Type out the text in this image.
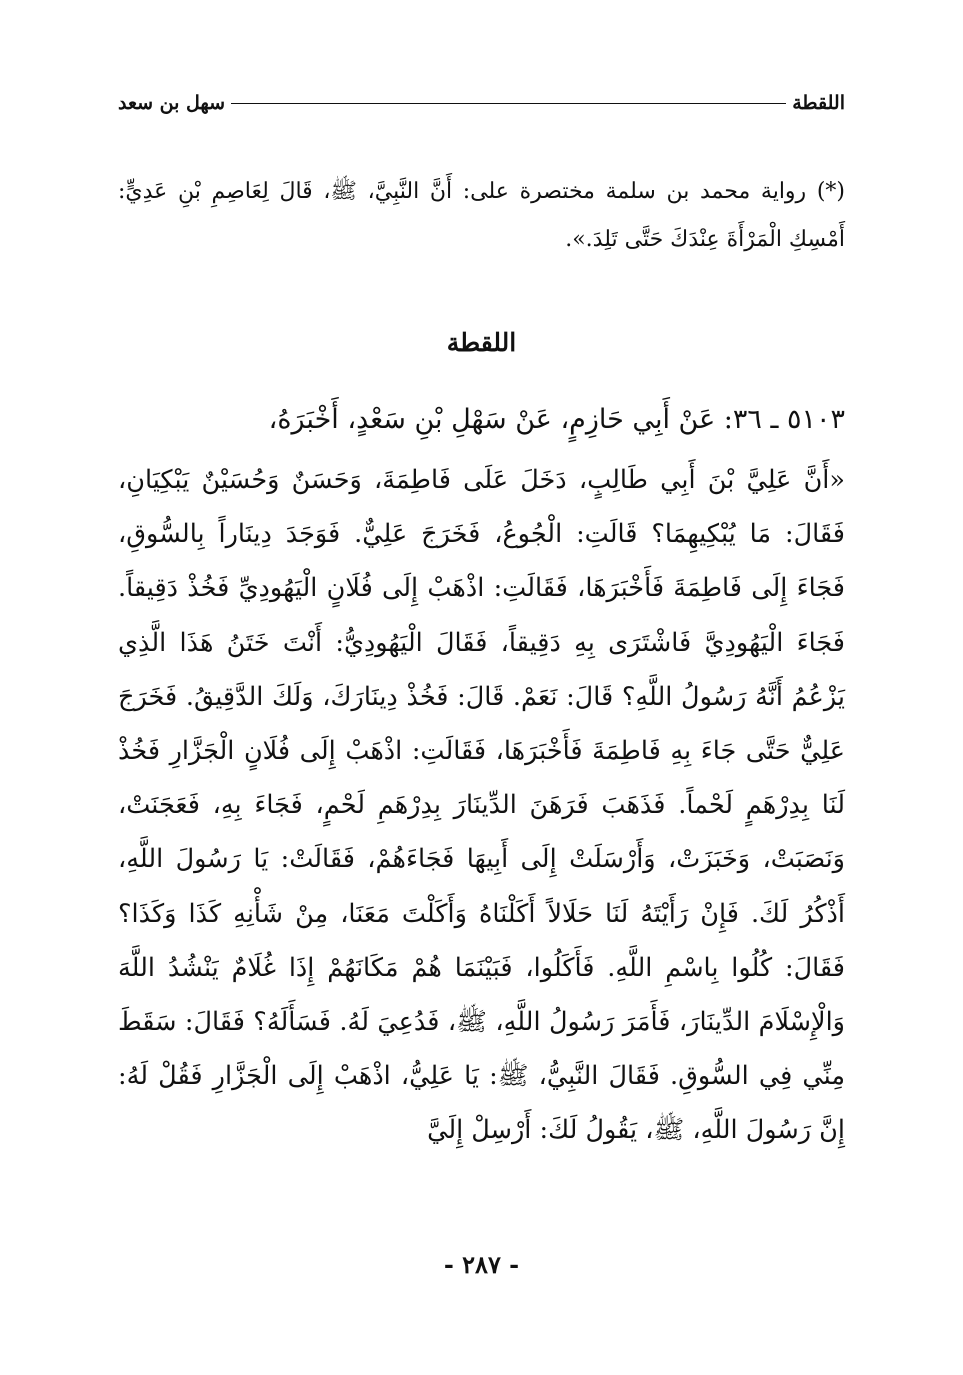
اللقطة
سهل بن سعد
(*) رواية محمد بن سلمة مختصرة على: أَنَّ النَّبِيَّ، ﷺ، قَالَ لِعَاصِمِ بْنِ عَدِيٍّ: أَمْسِكِ الْمَرْأَةَ عِنْدَكَ حَتَّى تَلِدَ.».
اللقطة
٥١٠٣ ـ ٣٦: عَنْ أَبِي حَازِمٍ، عَنْ سَهْلِ بْنِ سَعْدٍ، أَخْبَرَهُ،
«أَنَّ عَلِيَّ بْنَ أَبِي طَالِبٍ، دَخَلَ عَلَى فَاطِمَةَ، وَحَسَنٌ وَحُسَيْنٌ يَبْكِيَانِ، فَقَالَ: مَا يُبْكِيهِمَا؟ قَالَتِ: الْجُوعُ، فَخَرَجَ عَلِيٌّ. فَوَجَدَ دِينَاراً بِالسُّوقِ، فَجَاءَ إِلَى فَاطِمَةَ فَأَخْبَرَهَا، فَقَالَتِ: اذْهَبْ إِلَى فُلَانٍ الْيَهُودِيِّ فَخُذْ دَقِيقاً. فَجَاءَ الْيَهُودِيَّ فَاشْتَرَى بِهِ دَقِيقاً، فَقَالَ الْيَهُودِيُّ: أَنْتَ خَتَنُ هَذَا الَّذِي يَزْعُمُ أَنَّهُ رَسُولُ اللَّهِ؟ قَالَ: نَعَمْ. قَالَ: فَخُذْ دِينَارَكَ، وَلَكَ الدَّقِيقُ. فَخَرَجَ عَلِيٌّ حَتَّى جَاءَ بِهِ فَاطِمَةَ فَأَخْبَرَهَا، فَقَالَتِ: اذْهَبْ إِلَى فُلَانٍ الْجَزَّارِ فَخُذْ لَنَا بِدِرْهَمٍ لَحْماً. فَذَهَبَ فَرَهَنَ الدِّينَارَ بِدِرْهَمِ لَحْمٍ، فَجَاءَ بِهِ، فَعَجَنَتْ، وَنَصَبَتْ، وَخَبَزَتْ، وَأَرْسَلَتْ إِلَى أَبِيهَا فَجَاءَهُمْ، فَقَالَتْ: يَا رَسُولَ اللَّهِ، أَذْكُرُ لَكَ. فَإِنْ رَأَيْتَهُ لَنَا حَلَالاً أَكَلْنَاهُ وَأَكَلْتَ مَعَنَا، مِنْ شَأْنِهِ كَذَا وَكَذَا؟ فَقَالَ: كُلُوا بِاسْمِ اللَّهِ. فَأَكَلُوا، فَبَيْنَمَا هُمْ مَكَانَهُمْ إِذَا غُلَامٌ يَنْشُدُ اللَّهَ وَالْإِسْلَامَ الدِّينَارَ، فَأَمَرَ رَسُولُ اللَّهِ، ﷺ، فَدُعِيَ لَهُ. فَسَأَلَهُ؟ فَقَالَ: سَقَطَ مِنِّي فِي السُّوقِ. فَقَالَ النَّبِيُّ، ﷺ: يَا عَلِيُّ، اذْهَبْ إِلَى الْجَزَّارِ فَقُلْ لَهُ: إِنَّ رَسُولَ اللَّهِ، ﷺ، يَقُولُ لَكَ: أَرْسِلْ إِلَيَّ
- ٢٨٧ -
